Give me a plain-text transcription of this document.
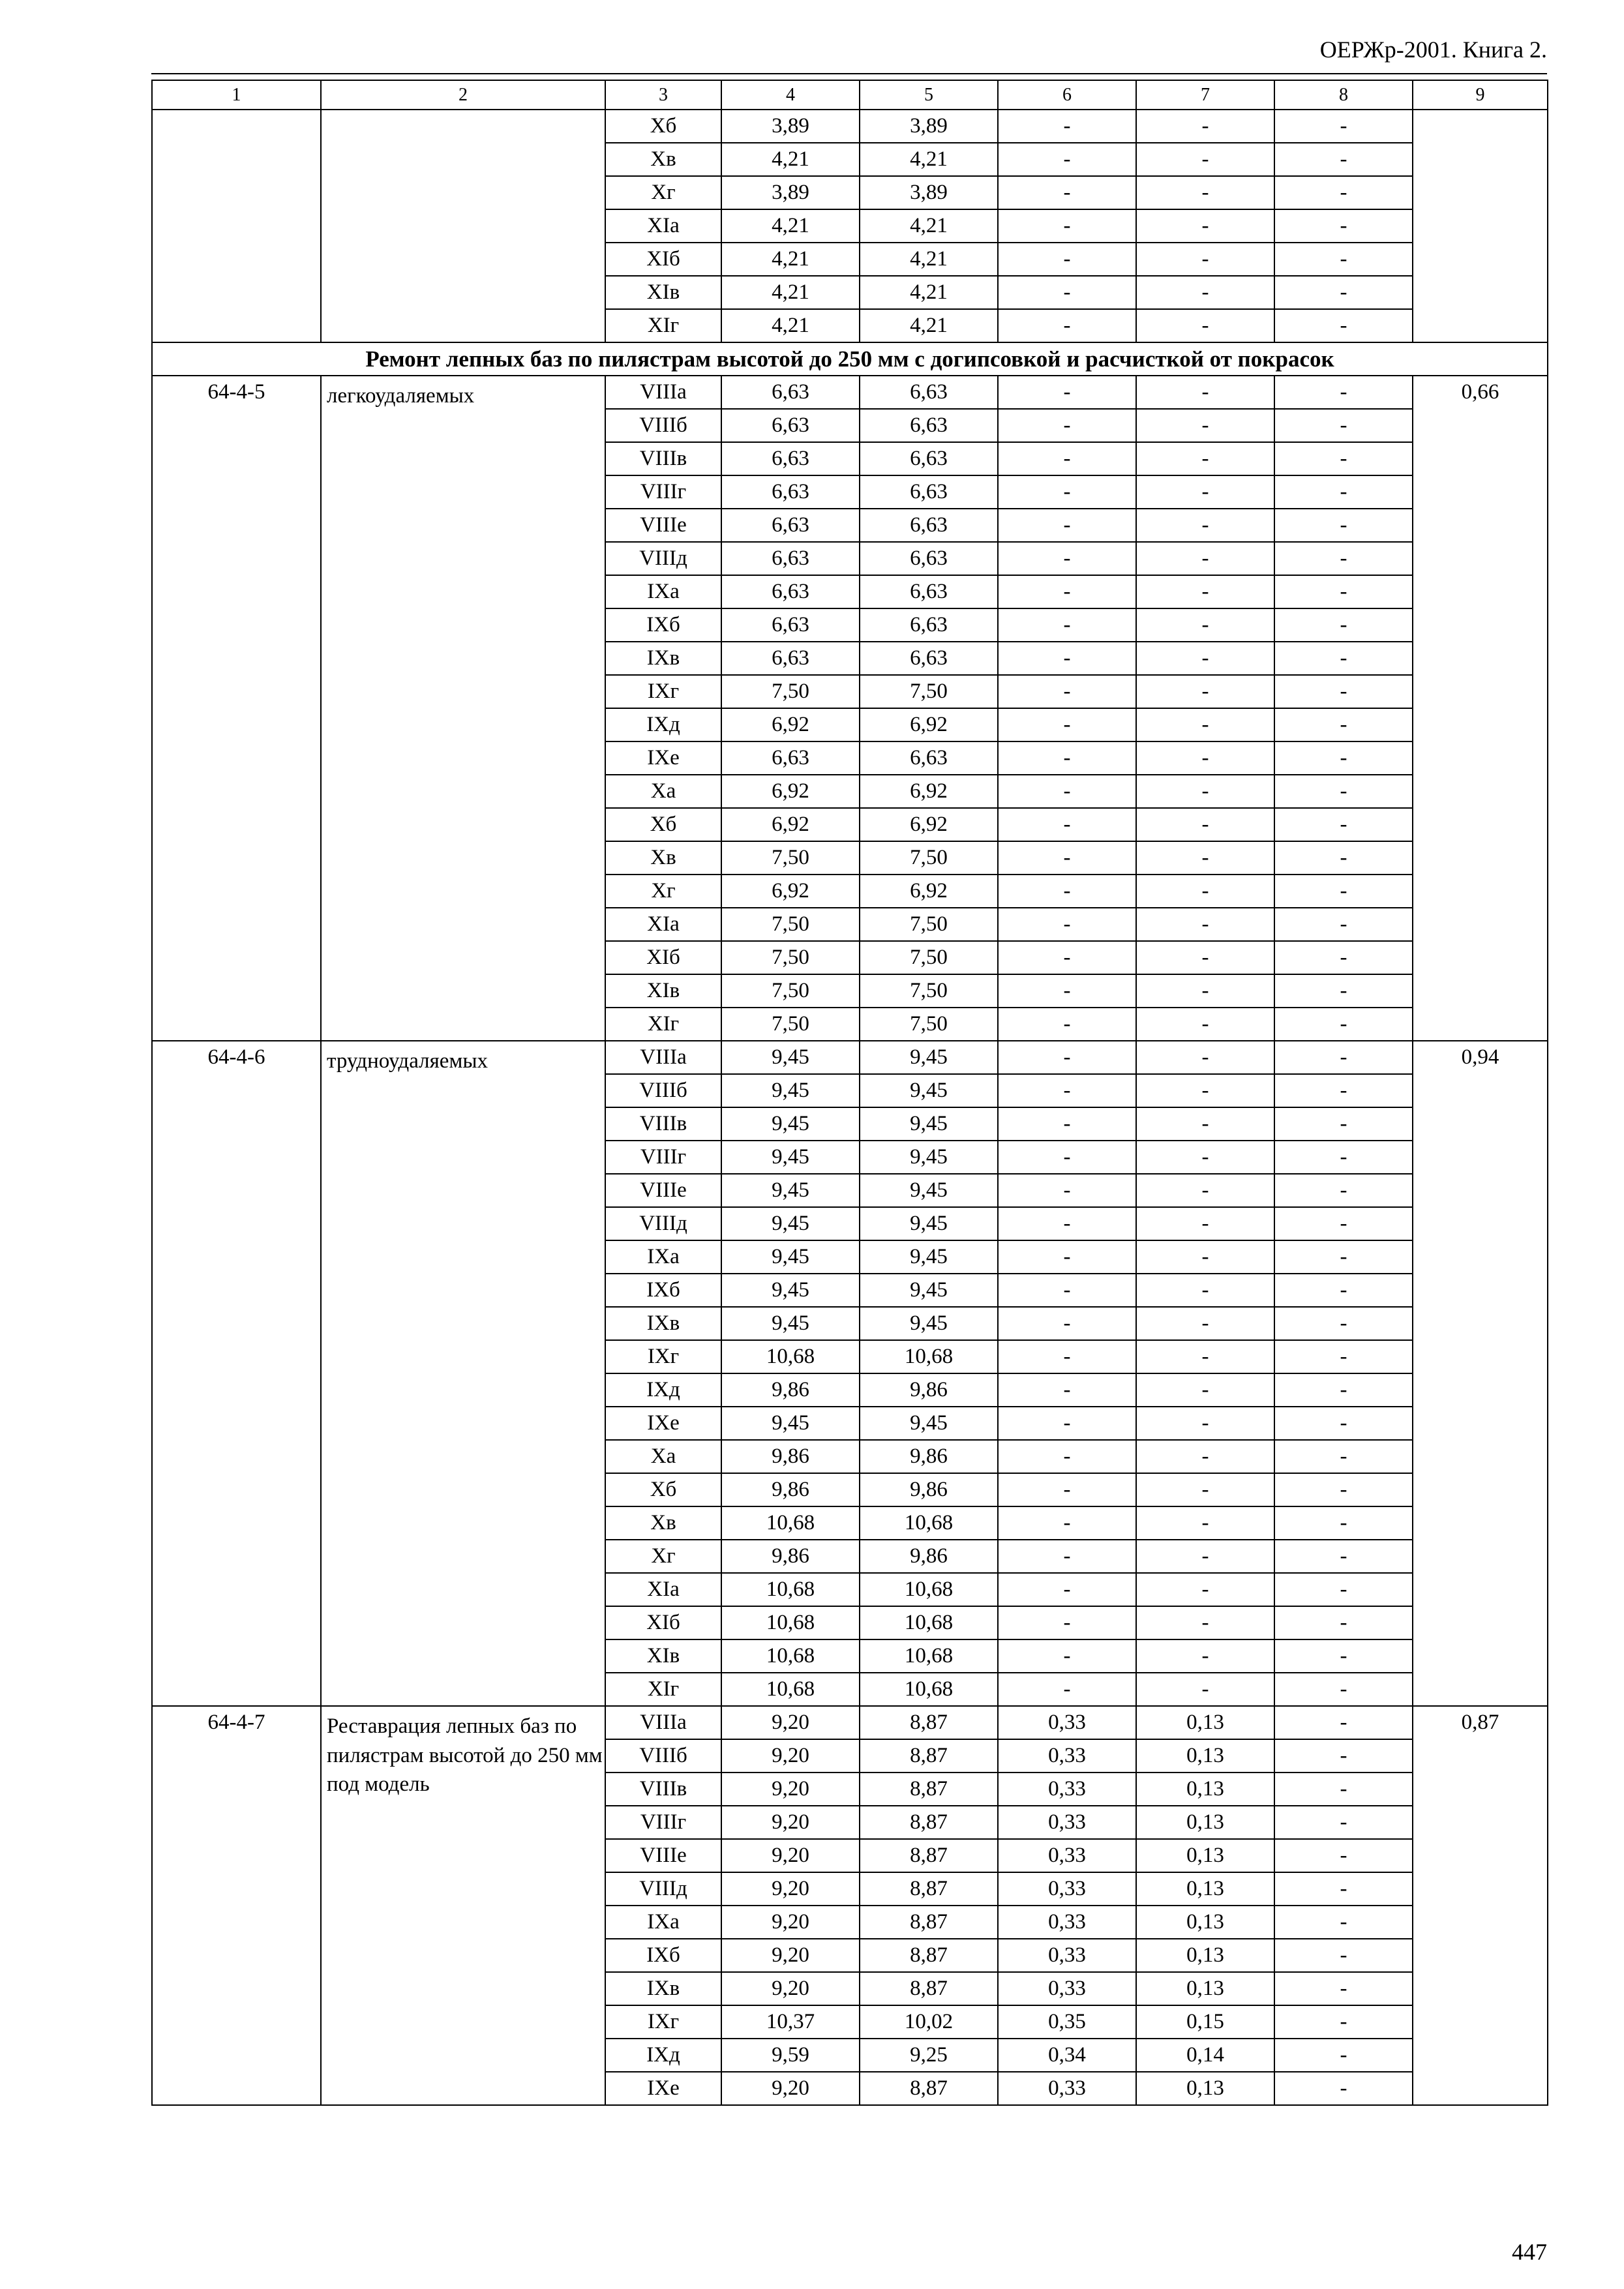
ОЕРЖр-2001. Книга 2.
1	2	3	4	5	6	7	8	9
		Хб	3,89	3,89	-	-	-	
		Хв	4,21	4,21	-	-	-	
		Хг	3,89	3,89	-	-	-	
		ХIа	4,21	4,21	-	-	-	
		ХIб	4,21	4,21	-	-	-	
		ХIв	4,21	4,21	-	-	-	
		ХIг	4,21	4,21	-	-	-	
Ремонт лепных баз по пилястрам высотой до 250 мм с догипсовкой и расчисткой от покрасок								
64-4-5	легкоудаляемых	VIIIа	6,63	6,63	-	-	-	0,66
		VIIIб	6,63	6,63	-	-	-	
		VIIIв	6,63	6,63	-	-	-	
		VIIIг	6,63	6,63	-	-	-	
		VIIIе	6,63	6,63	-	-	-	
		VIIIд	6,63	6,63	-	-	-	
		IХа	6,63	6,63	-	-	-	
		IХб	6,63	6,63	-	-	-	
		IХв	6,63	6,63	-	-	-	
		IХг	7,50	7,50	-	-	-	
		IХд	6,92	6,92	-	-	-	
		IХе	6,63	6,63	-	-	-	
		Ха	6,92	6,92	-	-	-	
		Хб	6,92	6,92	-	-	-	
		Хв	7,50	7,50	-	-	-	
		Хг	6,92	6,92	-	-	-	
		ХIа	7,50	7,50	-	-	-	
		ХIб	7,50	7,50	-	-	-	
		ХIв	7,50	7,50	-	-	-	
		ХIг	7,50	7,50	-	-	-	
64-4-6	трудноудаляемых	VIIIа	9,45	9,45	-	-	-	0,94
		VIIIб	9,45	9,45	-	-	-	
		VIIIв	9,45	9,45	-	-	-	
		VIIIг	9,45	9,45	-	-	-	
		VIIIе	9,45	9,45	-	-	-	
		VIIIд	9,45	9,45	-	-	-	
		IХа	9,45	9,45	-	-	-	
		IХб	9,45	9,45	-	-	-	
		IХв	9,45	9,45	-	-	-	
		IХг	10,68	10,68	-	-	-	
		IХд	9,86	9,86	-	-	-	
		IХе	9,45	9,45	-	-	-	
		Ха	9,86	9,86	-	-	-	
		Хб	9,86	9,86	-	-	-	
		Хв	10,68	10,68	-	-	-	
		Хг	9,86	9,86	-	-	-	
		ХIа	10,68	10,68	-	-	-	
		ХIб	10,68	10,68	-	-	-	
		ХIв	10,68	10,68	-	-	-	
		ХIг	10,68	10,68	-	-	-	
64-4-7	Реставрация лепных баз по пилястрам высотой до 250 мм под модель	VIIIа	9,20	8,87	0,33	0,13	-	0,87
		VIIIб	9,20	8,87	0,33	0,13	-	
		VIIIв	9,20	8,87	0,33	0,13	-	
		VIIIг	9,20	8,87	0,33	0,13	-	
		VIIIе	9,20	8,87	0,33	0,13	-	
		VIIIд	9,20	8,87	0,33	0,13	-	
		IХа	9,20	8,87	0,33	0,13	-	
		IХб	9,20	8,87	0,33	0,13	-	
		IХв	9,20	8,87	0,33	0,13	-	
		IХг	10,37	10,02	0,35	0,15	-	
		IХд	9,59	9,25	0,34	0,14	-	
		IХе	9,20	8,87	0,33	0,13	-	
447
